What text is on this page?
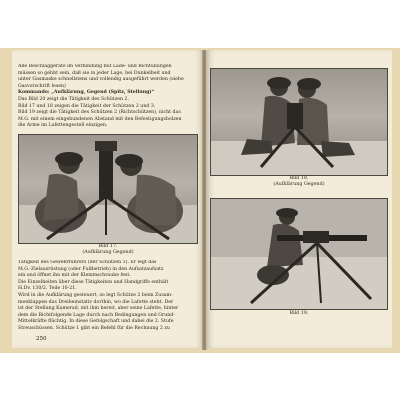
Alle Beschlaggeräte im Verbindung mit Lade- und Richtübungen
müssen so gehbt sein, daß sie in jeder Lage, bei Dunkelheit und
unter Gasmaske schnellstens und vollendig ausgeführt werden (siehe
Gasvorschrift lesen)
Kommando: „Aufklärung, Gegend (Spitz, Stellung)“
Das Bild 20 zeigt die Tätigkeit des Schützen 2.
Bild 17 und 18 zeigen die Tätigkeit der Schützen 2 und 3.
Bild 19 zeigt die Tätigkeit des Schützen 2 (Richtschützen), nicht das
M.G. mit einem eingebundenen Abstand mit den Befestigungsbolzen
die Arme im Lafettengestell einzigen.
Bild 17.
(Aufklärung Gegend)
Tätigkeit des Gewehrführers (der Schützen 1). Er legt das
M.G.-Zielausrüstung (oder Fußbetrieb) in den Aufsatzaufsatz
ein und öffnet ihn mit der Klemmschraube fest.
Die Einzelheiten über diese Tätigkeiten und Handgriffe enthält
H.Dv. 130/2. Teile 10-21.
Wird in die Aufklärung gesteuert, so legt Schütze 2 beim Zusam-
menklappen das Dreibeinstativ dorthin, wo die Lafette steht. Der
ist der Stellung Kamerad, mit ihm bereit, aber seine Lafette, hinter
dem die Richtfolgende Lage durch nach Bedingungen und Grund-
Mittelkräfte flüchtig. In diese Gefolgschaft und dabei die 2. Stufe
Streuschüssen. Schütze 1 gibt ein Befehl für die Rechnung 2 zu
250
Bild 18.
(Aufklärung Gegend)
Bild 19.
